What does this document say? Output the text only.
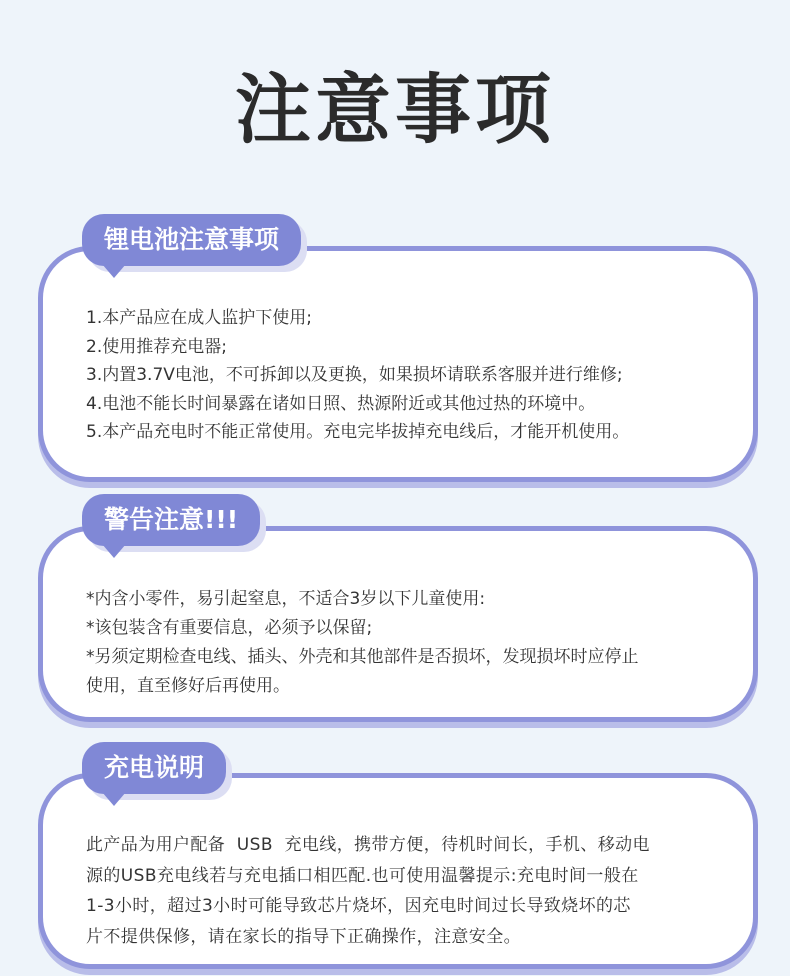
注意事项
锂电池注意事项
1.本产品应在成人监护下使用;
2.使用推荐充电器;
3.内置3.7V电池，不可拆卸以及更换，如果损坏请联系客服并进行维修;
4.电池不能长时间暴露在诸如日照、热源附近或其他过热的环境中。
5.本产品充电时不能正常使用。充电完毕拔掉充电线后，才能开机使用。
警告注意!!!
*内含小零件，易引起窒息，不适合3岁以下儿童使用:
*该包装含有重要信息，必须予以保留;
*另须定期检查电线、插头、外壳和其他部件是否损坏，发现损坏时应停止
使用，直至修好后再使用。
充电说明
此产品为用户配备  USB  充电线，携带方便，待机时间长，手机、移动电
源的USB充电线若与充电插口相匹配.也可使用温馨提示:充电时间一般在
1-3小时，超过3小时可能导致芯片烧坏，因充电时间过长导致烧坏的芯
片不提供保修，请在家长的指导下正确操作，注意安全。
